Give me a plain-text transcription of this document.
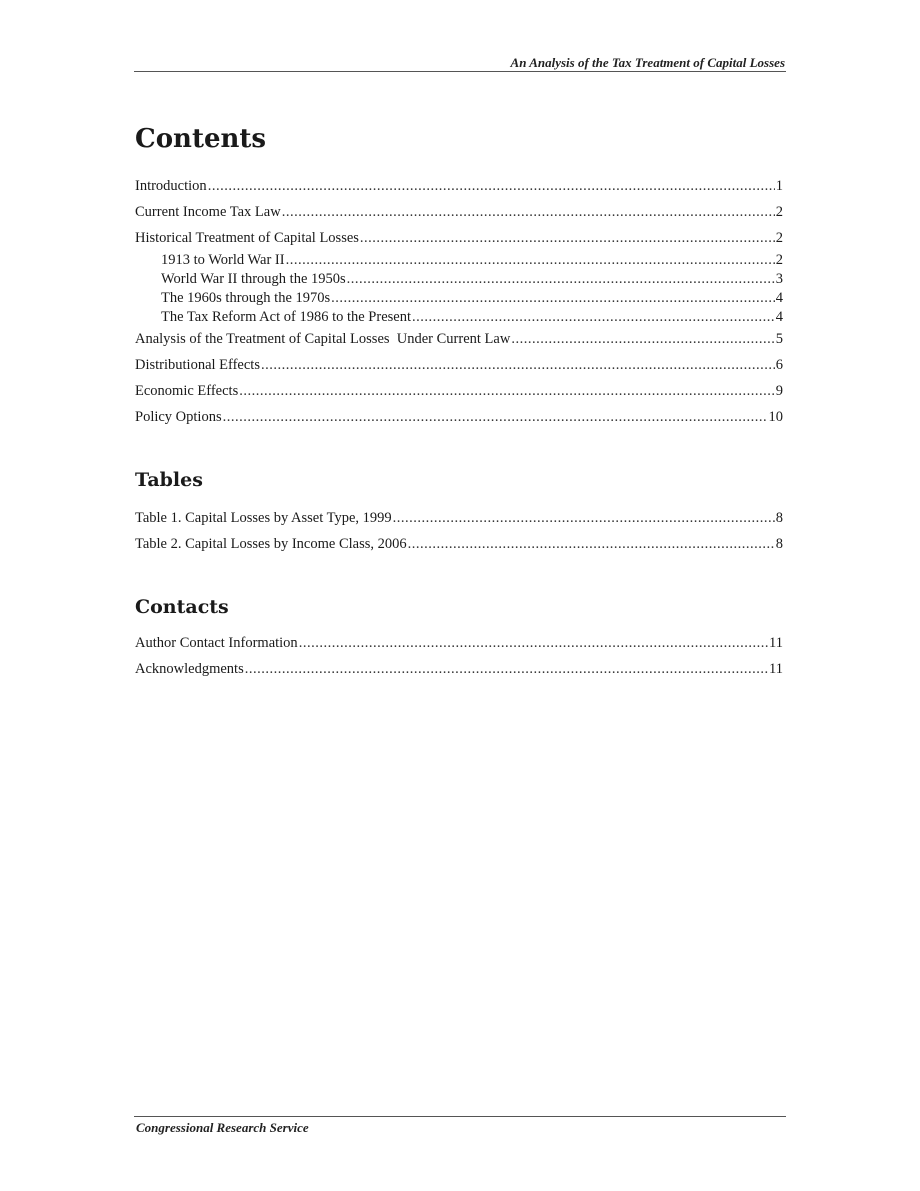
An Analysis of the Tax Treatment of Capital Losses
Contents
Introduction .....	1
Current Income Tax Law .....	2
Historical Treatment of Capital Losses .....	2
1913 to World War II .....	2
World War II through the 1950s .....	3
The 1960s through the 1970s .....	4
The Tax Reform Act of 1986 to the Present .....	4
Analysis of the Treatment of Capital Losses  Under Current Law .....	5
Distributional Effects .....	6
Economic Effects .....	9
Policy Options .....	10
Tables
Table 1. Capital Losses by Asset Type, 1999 .....	8
Table 2. Capital Losses by Income Class, 2006 .....	8
Contacts
Author Contact Information .....	11
Acknowledgments .....	11
Congressional Research Service
